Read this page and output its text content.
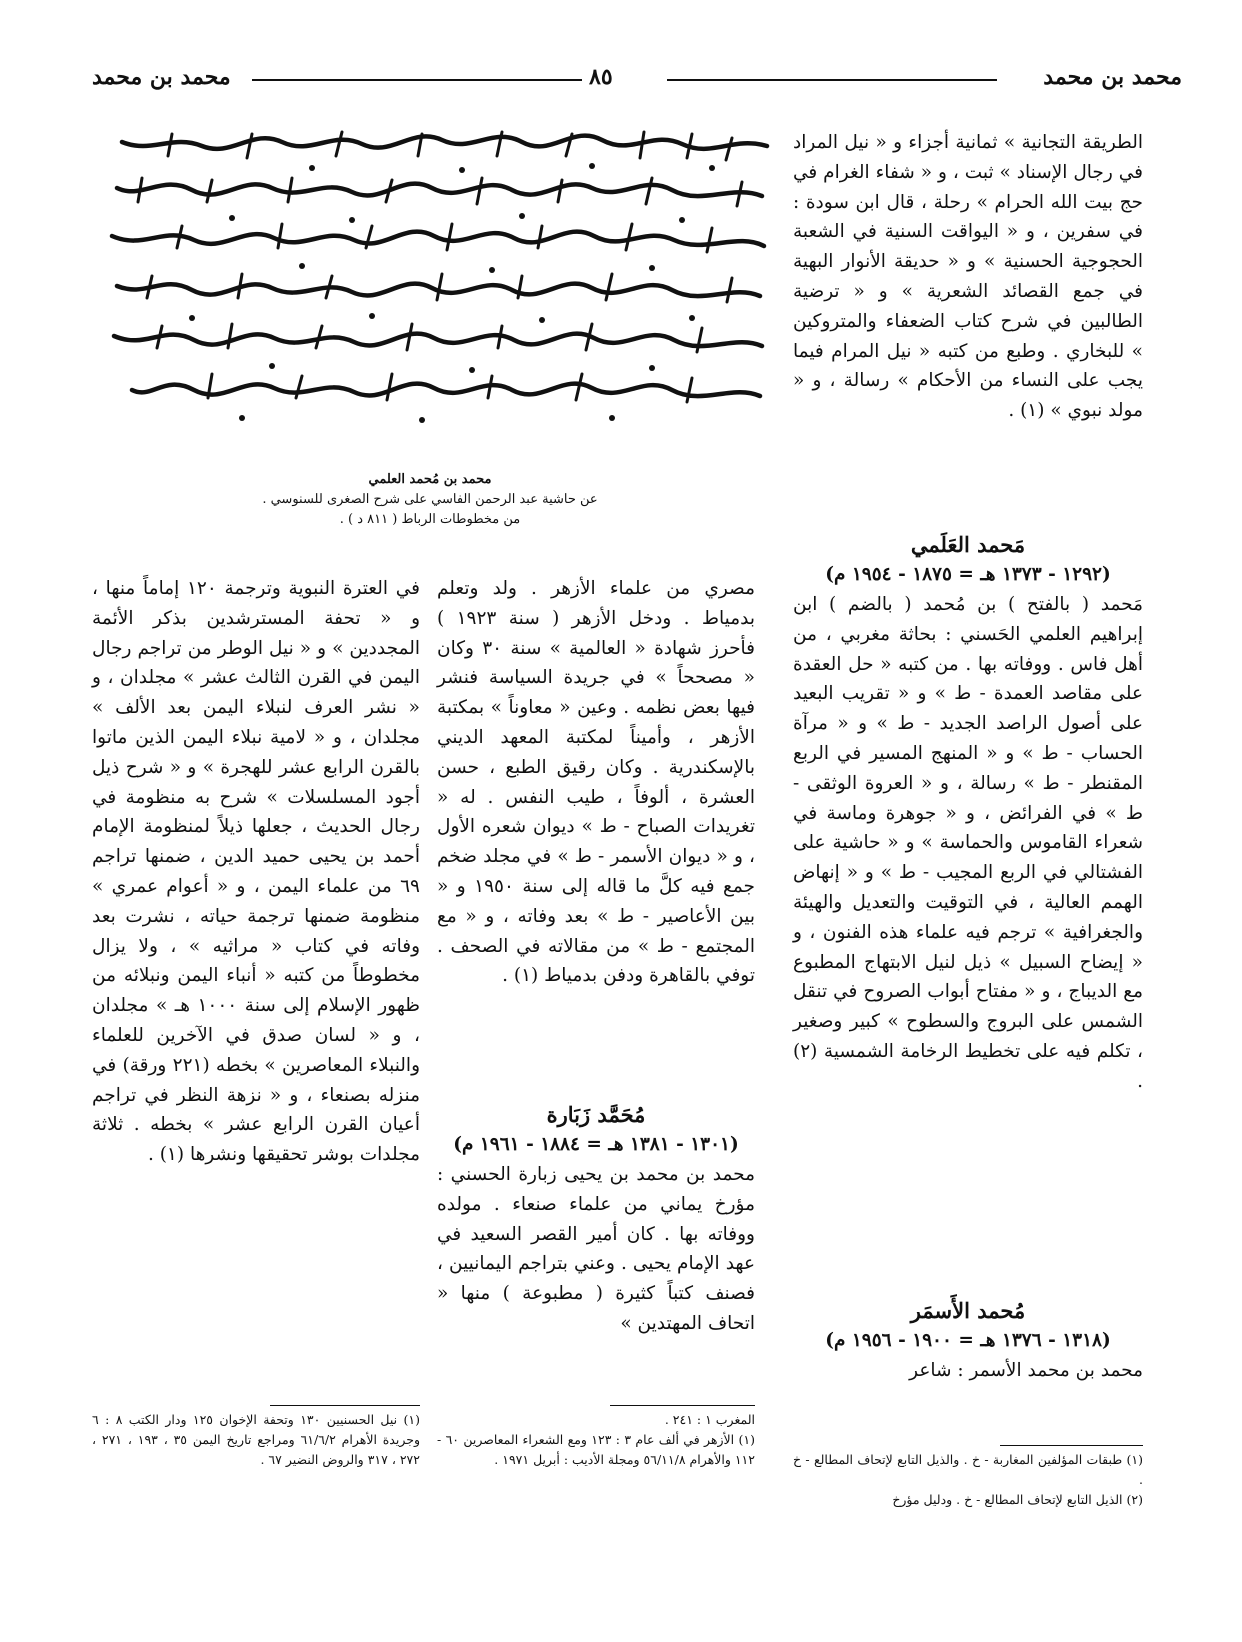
محمد بن محمد
٨٥
محمد بن محمد
محمد بن مُحمد العلمي
عن حاشية عبد الرحمن الفاسي على شرح الصغرى للسنوسي .
من مخطوطات الرباط ( ٨١١ د ) .

الطريقة التجانية » ثمانية أجزاء و « نيل المراد في رجال الإسناد » ثبت ، و « شفاء الغرام في حج بيت الله الحرام » رحلة ، قال ابن سودة : في سفرين ، و « اليواقت السنية في الشعبة الحجوجية الحسنية » و « حديقة الأنوار البهية في جمع القصائد الشعرية » و « ترضية الطالبين في شرح كتاب الضعفاء والمتروكين » للبخاري . وطبع من كتبه « نيل المرام فيما يجب على النساء من الأحكام » رسالة ، و « مولد نبوي » (١) .

مَحمد العَلَمي

(١٢٩٢ - ١٣٧٣ هـ = ١٨٧٥ - ١٩٥٤ م)

مَحمد ( بالفتح ) بن مُحمد ( بالضم ) ابن إبراهيم العلمي الحَسني : بحاثة مغربي ، من أهل فاس . ووفاته بها . من كتبه « حل العقدة على مقاصد العمدة - ط » و « تقريب البعيد على أصول الراصد الجديد - ط » و « مرآة الحساب - ط » و « المنهج المسير في الربع المقنطر - ط » رسالة ، و « العروة الوثقى - ط » في الفرائض ، و « جوهرة وماسة في شعراء القاموس والحماسة » و « حاشية على الفشتالي في الربع المجيب - ط » و « إنهاض الهمم العالية ، في التوقيت والتعديل والهيئة والجغرافية » ترجم فيه علماء هذه الفنون ، و « إيضاح السبيل » ذيل لنيل الابتهاج المطبوع مع الديباج ، و « مفتاح أبواب الصروح في تنقل الشمس على البروج والسطوح » كبير وصغير ، تكلم فيه على تخطيط الرخامة الشمسية (٢) .

مُحمد الأَسمَر

(١٣١٨ - ١٣٧٦ هـ = ١٩٠٠ - ١٩٥٦ م)

محمد بن محمد الأسمر : شاعر

مصري من علماء الأزهر . ولد وتعلم بدمياط . ودخل الأزهر ( سنة ١٩٢٣ ) فأحرز شهادة « العالمية » سنة ٣٠ وكان « مصححاً » في جريدة السياسة فنشر فيها بعض نظمه . وعين « معاوناً » بمكتبة الأزهر ، وأميناً لمكتبة المعهد الديني بالإسكندرية . وكان رقيق الطبع ، حسن العشرة ، ألوفاً ، طيب النفس . له « تغريدات الصباح - ط » ديوان شعره الأول ، و « ديوان الأسمر - ط » في مجلد ضخم جمع فيه كلَّ ما قاله إلى سنة ١٩٥٠ و « بين الأعاصير - ط » بعد وفاته ، و « مع المجتمع - ط » من مقالاته في الصحف . توفي بالقاهرة ودفن بدمياط (١) .

مُحَمَّد زَبَارة

(١٣٠١ - ١٣٨١ هـ = ١٨٨٤ - ١٩٦١ م)

محمد بن محمد بن يحيى زبارة الحسني : مؤرخ يماني من علماء صنعاء . مولده ووفاته بها . كان أمير القصر السعيد في عهد الإمام يحيى . وعني بتراجم اليمانيين ، فصنف كتباً كثيرة ( مطبوعة ) منها « اتحاف المهتدين »

في العترة النبوية وترجمة ١٢٠ إماماً منها ، و « تحفة المسترشدين بذكر الأئمة المجددين » و « نيل الوطر من تراجم رجال اليمن في القرن الثالث عشر » مجلدان ، و « نشر العرف لنبلاء اليمن بعد الألف » مجلدان ، و « لامية نبلاء اليمن الذين ماتوا بالقرن الرابع عشر للهجرة » و « شرح ذيل أجود المسلسلات » شرح به منظومة في رجال الحديث ، جعلها ذيلاً لمنظومة الإمام أحمد بن يحيى حميد الدين ، ضمنها تراجم ٦٩ من علماء اليمن ، و « أعوام عمري » منظومة ضمنها ترجمة حياته ، نشرت بعد وفاته في كتاب « مراثيه » ، ولا يزال مخطوطاً من كتبه « أنباء اليمن ونبلائه من ظهور الإسلام إلى سنة ١٠٠٠ هـ » مجلدان ، و « لسان صدق في الآخرين للعلماء والنبلاء المعاصرين » بخطه (٢٢١ ورقة) في منزله بصنعاء ، و « نزهة النظر في تراجم أعيان القرن الرابع عشر » بخطه . ثلاثة مجلدات بوشر تحقيقها ونشرها (١) .

(١) طبقات المؤلفين المغاربة - خ . والذيل التابع لإتحاف المطالع - خ .

(٢) الذيل التابع لإتحاف المطالع - خ . ودليل مؤرخ

المغرب ١ : ٢٤١ .

(١) الأزهر في ألف عام ٣ : ١٢٣ ومع الشعراء المعاصرين ٦٠ - ١١٢ والأهرام ٥٦/١١/٨ ومجلة الأديب : أبريل ١٩٧١ .

(١) نيل الحسنيين ١٣٠ وتحفة الإخوان ١٢٥ ودار الكتب ٨ : ٦ وجريدة الأهرام ٦١/٦/٢ ومراجع تاريخ اليمن ٣٥ ، ١٩٣ ، ٢٧١ ، ٢٧٢ ، ٣١٧ والروض النضير ٦٧ .
